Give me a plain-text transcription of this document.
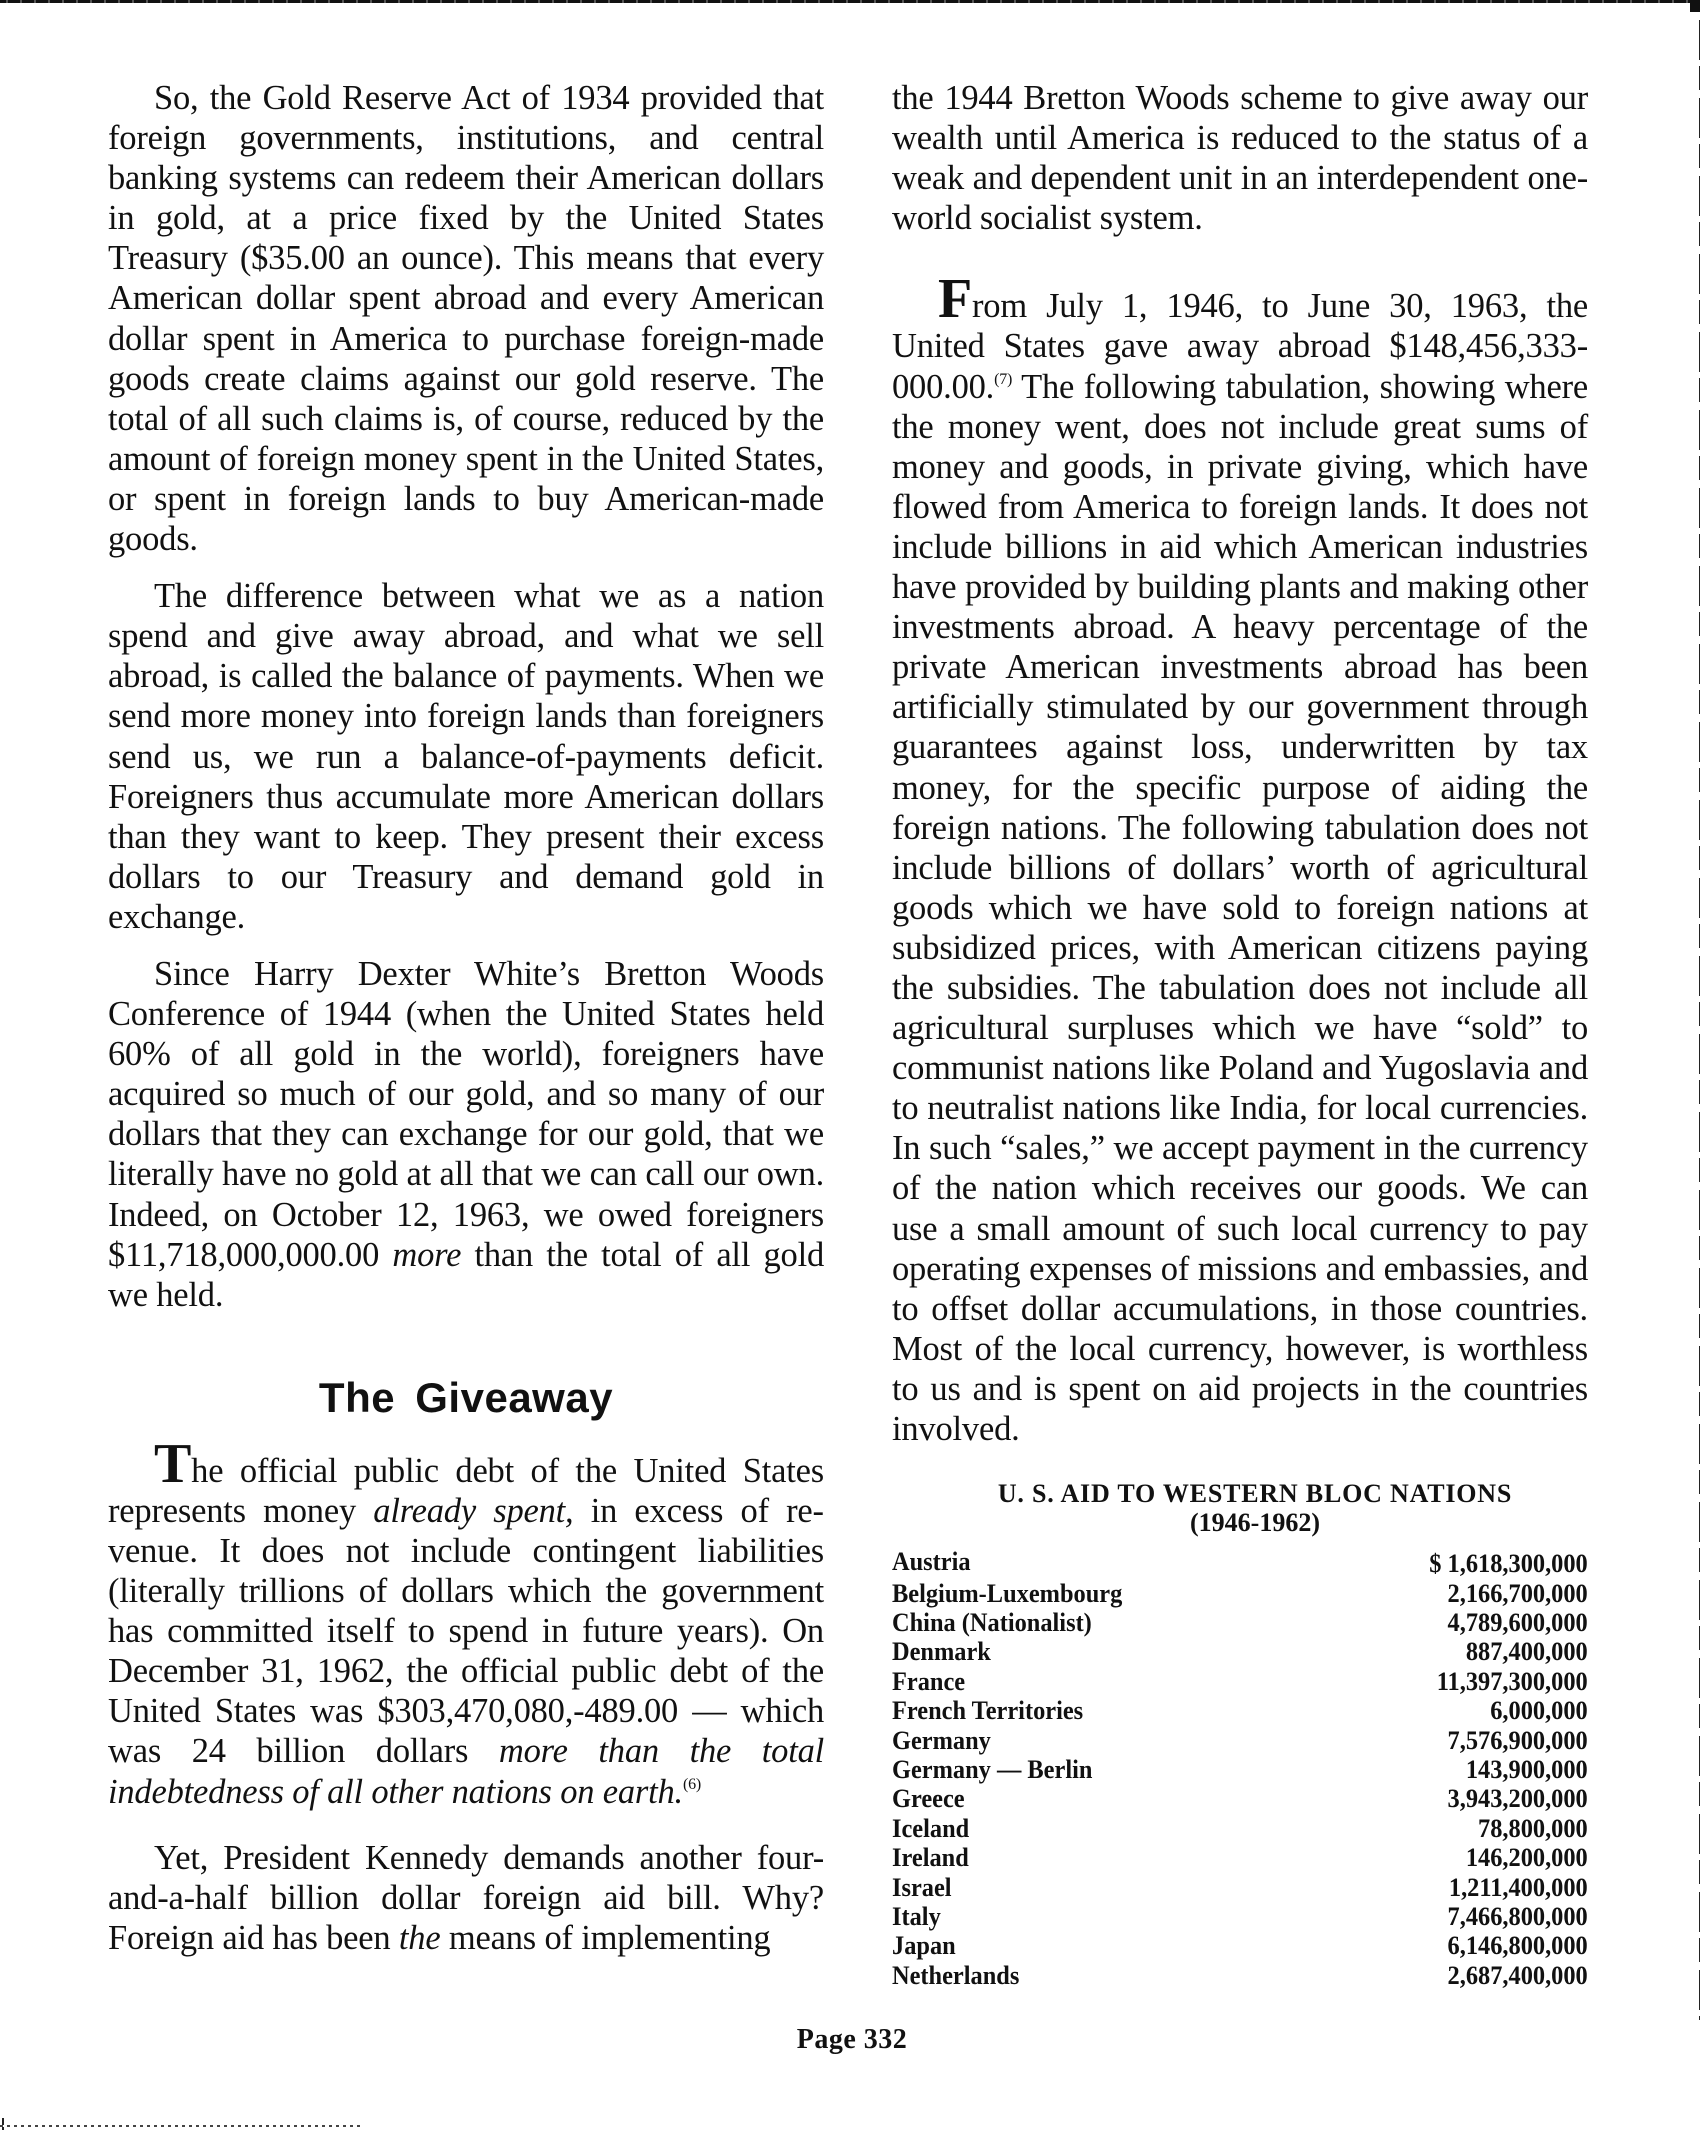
So, the Gold Reserve Act of 1934 provided that foreign governments, institutions, and central banking systems can redeem their American dollars in gold, at a price fixed by the United States Treasury ($35.00 an ounce). This means that every American dollar spent abroad and every American dollar spent in America to purchase foreign-made goods create claims against our gold reserve. The total of all such claims is, of course, reduced by the amount of foreign money spent in the United States, or spent in foreign lands to buy American-made goods.

The difference between what we as a nation spend and give away abroad, and what we sell abroad, is called the balance of payments. When we send more money into foreign lands than foreigners send us, we run a balance-of-payments deficit. Foreigners thus accumulate more American dollars than they want to keep. They present their excess dollars to our Treasury and demand gold in exchange.

Since Harry Dexter White’s Bretton Woods Conference of 1944 (when the United States held 60% of all gold in the world), foreigners have acquired so much of our gold, and so many of our dollars that they can exchange for our gold, that we literally have no gold at all that we can call our own. Indeed, on October 12, 1963, we owed foreigners $11,718,000,000.00 more than the total of all gold we held.

The Giveaway

The official public debt of the United States represents money already spent, in excess of revenue. It does not include contingent liabilities (literally trillions of dollars which the government has committed itself to spend in future years). On December 31, 1962, the official public debt of the United States was $303,470,080,-489.00 — which was 24 billion dollars more than the total indebtedness of all other nations on earth.$^{(6)}$

Yet, President Kennedy demands another four-and-a-half billion dollar foreign aid bill. Why? Foreign aid has been the means of implementing

the 1944 Bretton Woods scheme to give away our wealth until America is reduced to the status of a weak and dependent unit in an interdependent one-world socialist system.

From July 1, 1946, to June 30, 1963, the United States gave away abroad $148,456,333-000.00.$^{(7)}$ The following tabulation, showing where the money went, does not include great sums of money and goods, in private giving, which have flowed from America to foreign lands. It does not include billions in aid which American industries have provided by building plants and making other investments abroad. A heavy percentage of the private American investments abroad has been artificially stimulated by our government through guarantees against loss, underwritten by tax money, for the specific purpose of aiding the foreign nations. The following tabulation does not include billions of dollars’ worth of agricultural goods which we have sold to foreign nations at subsidized prices, with American citizens paying the subsidies. The tabulation does not include all agricultural surpluses which we have “sold” to communist nations like Poland and Yugoslavia and to neutralist nations like India, for local currencies. In such “sales,” we accept payment in the currency of the nation which receives our goods. We can use a small amount of such local currency to pay operating expenses of missions and embassies, and to offset dollar accumulations, in those countries. Most of the local currency, however, is worthless to us and is spent on aid projects in the countries involved.

U. S. AID TO WESTERN BLOC NATIONS

(1946-1962)

Austria	$ 1,618,300,000
Belgium-Luxembourg	2,166,700,000
China (Nationalist)	4,789,600,000
Denmark	887,400,000
France	11,397,300,000
French Territories	6,000,000
Germany	7,576,900,000
Germany — Berlin	143,900,000
Greece	3,943,200,000
Iceland	78,800,000
Ireland	146,200,000
Israel	1,211,400,000
Italy	7,466,800,000
Japan	6,146,800,000
Netherlands	2,687,400,000
Page 332
